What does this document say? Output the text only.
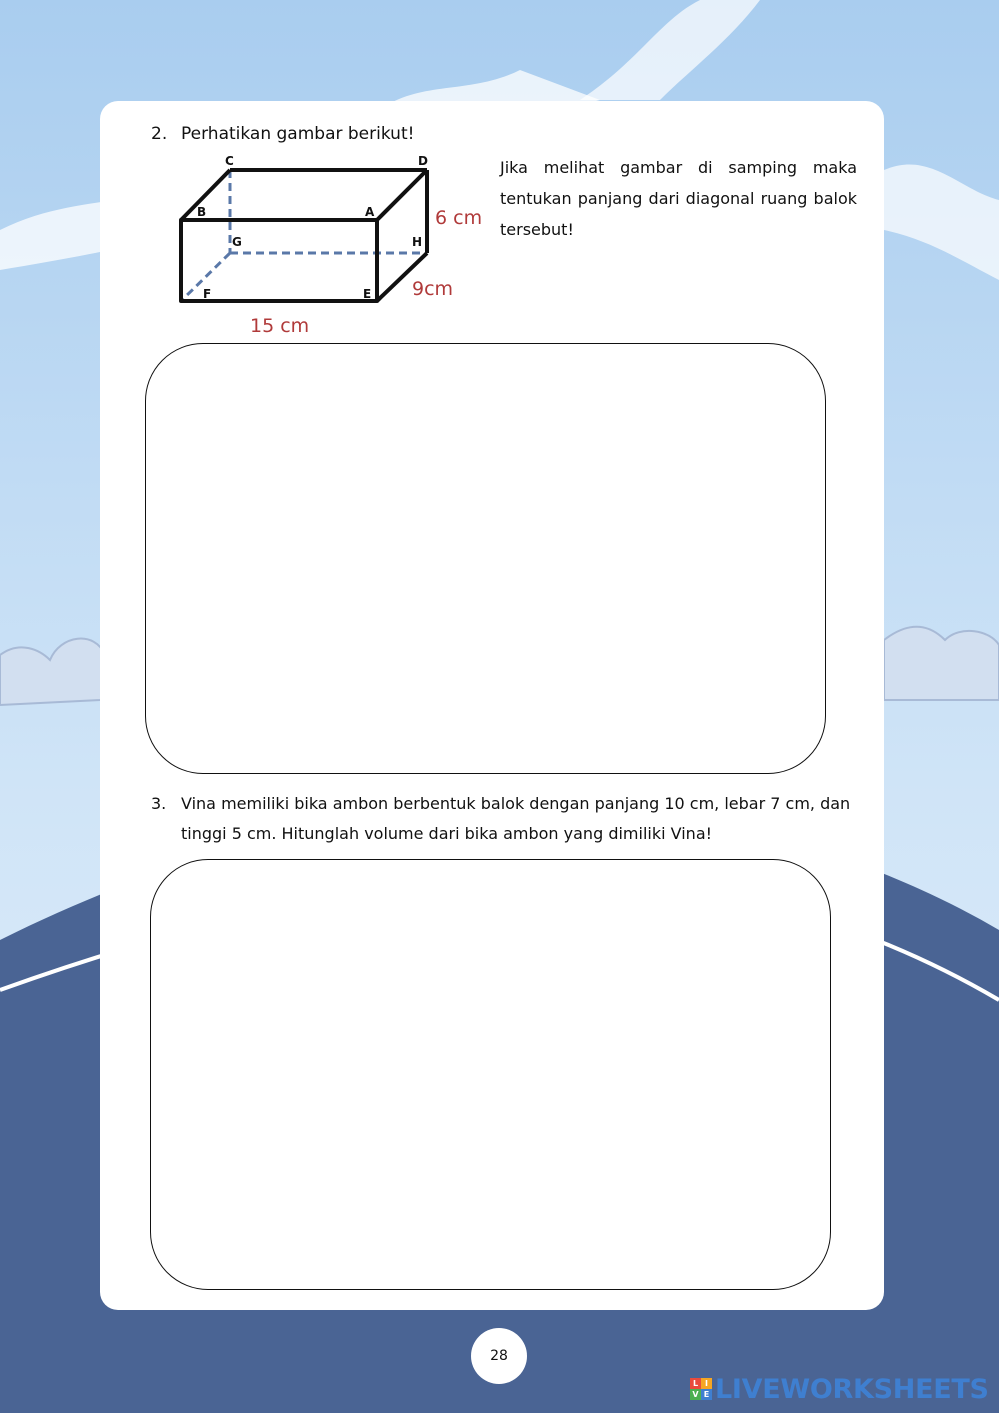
2. Perhatikan gambar berikut!
C	D
B	A
G	H
F	E
6 cm
9cm
15 cm
Jika melihat gambar di samping maka tentukan panjang dari diagonal ruang balok tersebut!
3. Vina memiliki bika ambon berbentuk balok dengan panjang 10 cm, lebar 7 cm, dan tinggi 5 cm. Hitunglah volume dari bika ambon yang dimiliki Vina!
28
L I
V E LIVEWORKSHEETS
